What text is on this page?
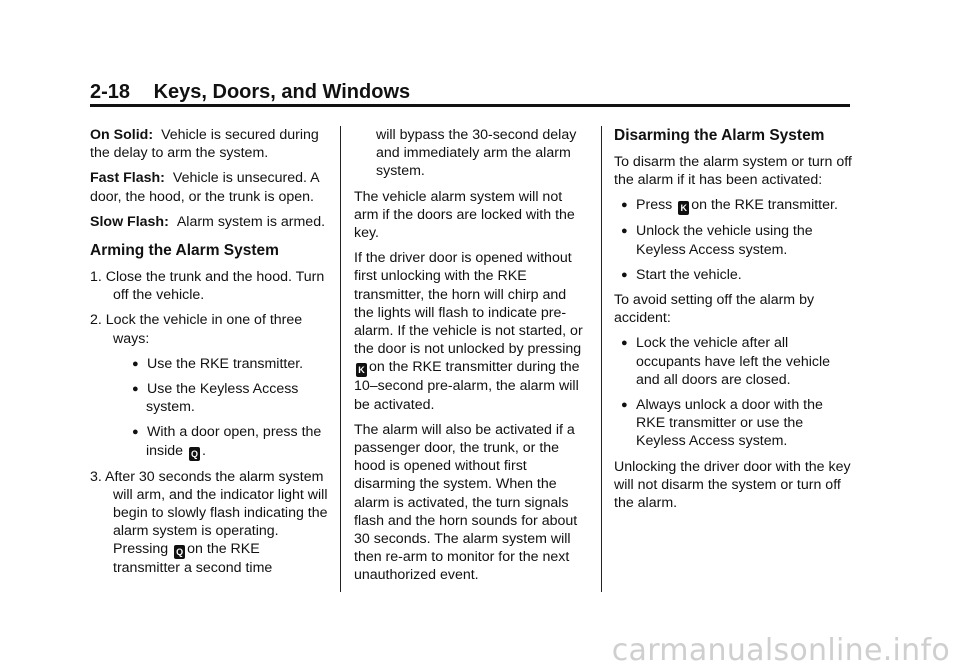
2-18 Keys, Doors, and Windows

On Solid: Vehicle is secured during the delay to arm the system.

Fast Flash: Vehicle is unsecured. A door, the hood, or the trunk is open.

Slow Flash: Alarm system is armed.

Arming the Alarm System

1. Close the trunk and the hood. Turn off the vehicle.

2. Lock the vehicle in one of three ways:

● Use the RKE transmitter.

● Use the Keyless Access system.

● With a door open, press the inside Q .

3. After 30 seconds the alarm system will arm, and the indicator light will begin to slowly flash indicating the alarm system is operating. Pressing Q on the RKE transmitter a second time

will bypass the 30-second delay and immediately arm the alarm system.

The vehicle alarm system will not arm if the doors are locked with the key.

If the driver door is opened without first unlocking with the RKE transmitter, the horn will chirp and the lights will flash to indicate pre-alarm. If the vehicle is not started, or the door is not unlocked by pressing K on the RKE transmitter during the 10–second pre-alarm, the alarm will be activated.

The alarm will also be activated if a passenger door, the trunk, or the hood is opened without first disarming the system. When the alarm is activated, the turn signals flash and the horn sounds for about 30 seconds. The alarm system will then re-arm to monitor for the next unauthorized event.

Disarming the Alarm System

To disarm the alarm system or turn off the alarm if it has been activated:

● Press K on the RKE transmitter.

● Unlock the vehicle using the Keyless Access system.

● Start the vehicle.

To avoid setting off the alarm by accident:

● Lock the vehicle after all occupants have left the vehicle and all doors are closed.

● Always unlock a door with the RKE transmitter or use the Keyless Access system.

Unlocking the driver door with the key will not disarm the system or turn off the alarm.

carmanualsonline.info
